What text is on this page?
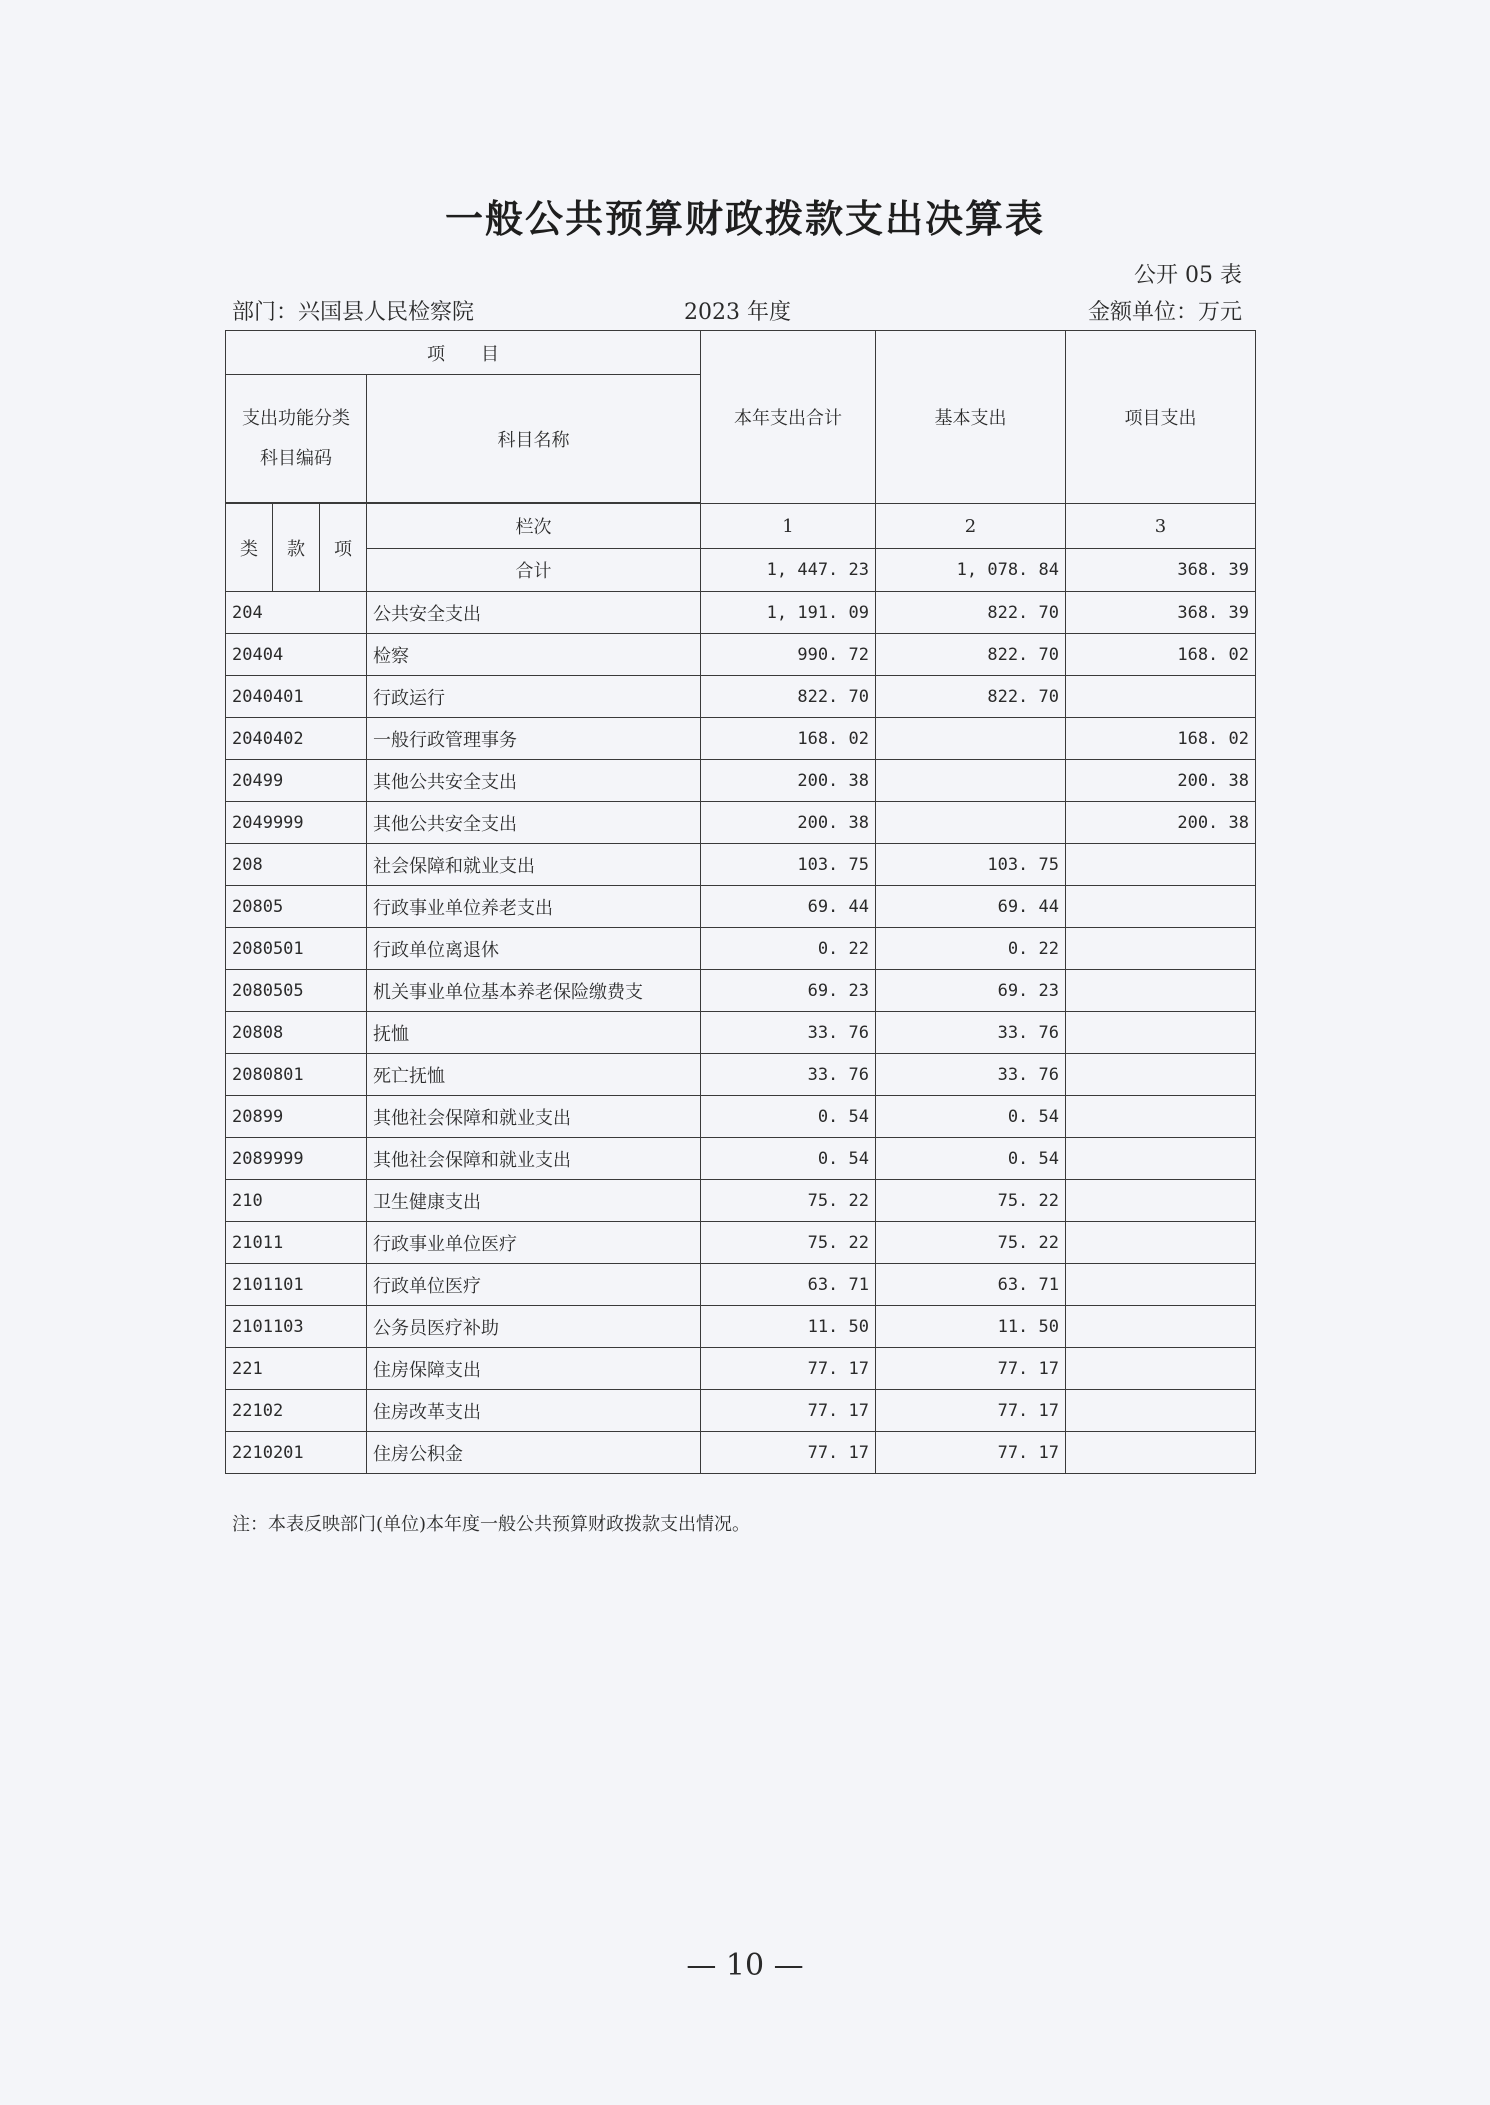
一般公共预算财政拨款支出决算表
公开 05 表
部门：兴国县人民检察院	2023 年度	金额单位：万元
项　　目				本年支出合计	基本支出	项目支出
支出功能分类科目编码			科目名称			

类	款	项	栏次	1	2	3
			合计	1, 447. 23	1, 078. 84	368. 39
204			公共安全支出	1, 191. 09	822. 70	368. 39
20404			检察	990. 72	822. 70	168. 02
2040401			行政运行	822. 70	822. 70	
2040402			一般行政管理事务	168. 02		168. 02
20499			其他公共安全支出	200. 38		200. 38
2049999			其他公共安全支出	200. 38		200. 38
208			社会保障和就业支出	103. 75	103. 75	
20805			行政事业单位养老支出	69. 44	69. 44	
2080501			行政单位离退休	0. 22	0. 22	
2080505			机关事业单位基本养老保险缴费支	69. 23	69. 23	
20808			抚恤	33. 76	33. 76	
2080801			死亡抚恤	33. 76	33. 76	
20899			其他社会保障和就业支出	0. 54	0. 54	
2089999			其他社会保障和就业支出	0. 54	0. 54	
210			卫生健康支出	75. 22	75. 22	
21011			行政事业单位医疗	75. 22	75. 22	
2101101			行政单位医疗	63. 71	63. 71	
2101103			公务员医疗补助	11. 50	11. 50	
221			住房保障支出	77. 17	77. 17	
22102			住房改革支出	77. 17	77. 17	
2210201			住房公积金	77. 17	77. 17	
注：本表反映部门(单位)本年度一般公共预算财政拨款支出情况。
— 10 —
